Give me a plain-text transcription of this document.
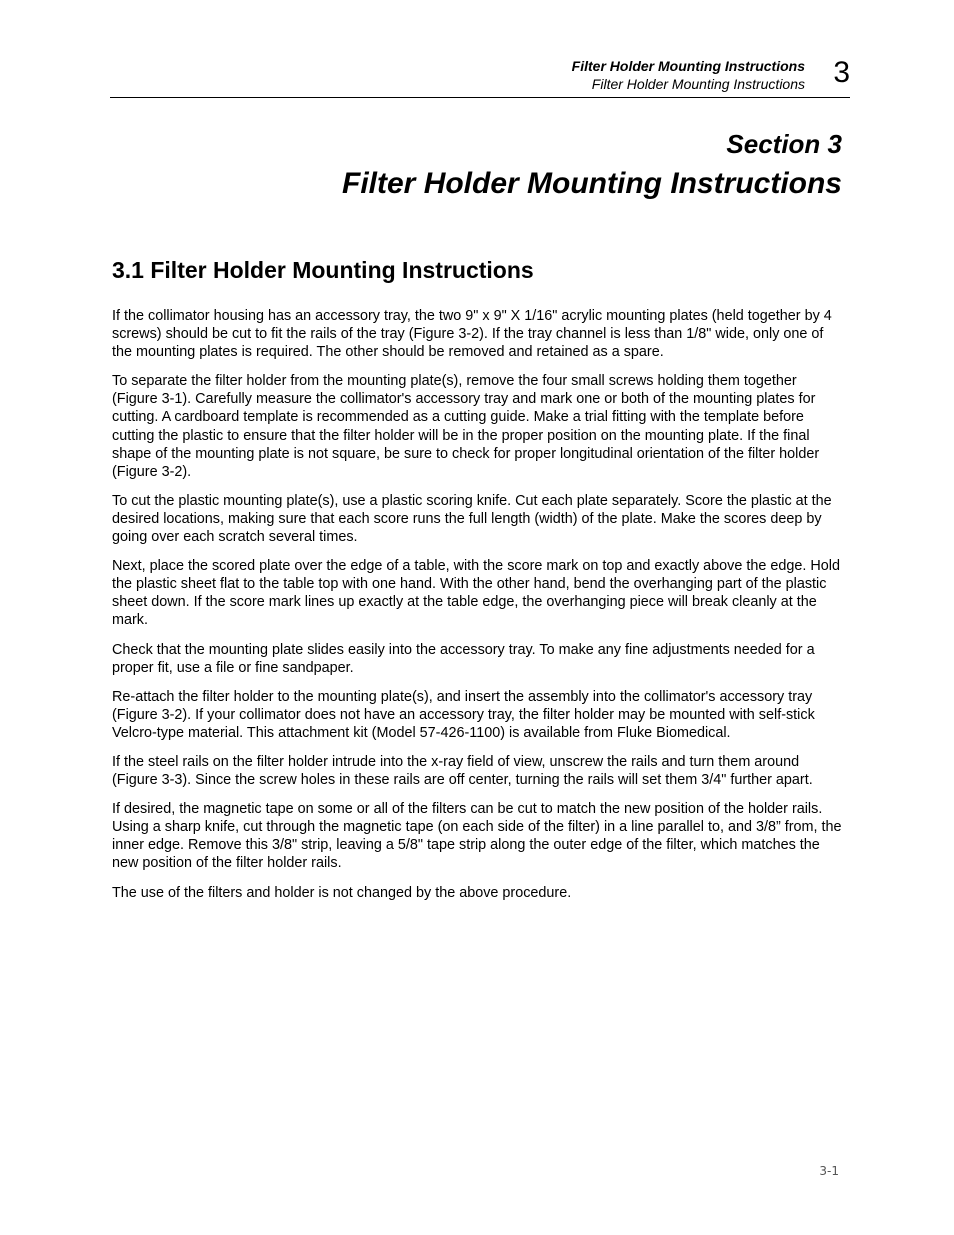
Filter Holder Mounting Instructions
Filter Holder Mounting Instructions 3
Section 3
Filter Holder Mounting Instructions
3.1 Filter Holder Mounting Instructions

If the collimator housing has an accessory tray, the two 9" x 9" X 1/16" acrylic mounting plates (held together by 4 screws) should be cut to fit the rails of the tray (Figure 3-2). If the tray channel is less than 1/8" wide, only one of the mounting plates is required. The other should be removed and retained as a spare.

To separate the filter holder from the mounting plate(s), remove the four small screws holding them together (Figure 3-1). Carefully measure the collimator's accessory tray and mark one or both of the mounting plates for cutting. A cardboard template is recommended as a cutting guide. Make a trial fitting with the template before cutting the plastic to ensure that the filter holder will be in the proper position on the mounting plate. If the final shape of the mounting plate is not square, be sure to check for proper longitudinal orientation of the filter holder (Figure 3-2).

To cut the plastic mounting plate(s), use a plastic scoring knife. Cut each plate separately. Score the plastic at the desired locations, making sure that each score runs the full length (width) of the plate. Make the scores deep by going over each scratch several times.

Next, place the scored plate over the edge of a table, with the score mark on top and exactly above the edge. Hold the plastic sheet flat to the table top with one hand. With the other hand, bend the overhanging part of the plastic sheet down. If the score mark lines up exactly at the table edge, the overhanging piece will break cleanly at the mark.

Check that the mounting plate slides easily into the accessory tray. To make any fine adjustments needed for a proper fit, use a file or fine sandpaper.

Re-attach the filter holder to the mounting plate(s), and insert the assembly into the collimator's accessory tray (Figure 3-2). If your collimator does not have an accessory tray, the filter holder may be mounted with self-stick Velcro-type material. This attachment kit (Model 57-426-1100) is available from Fluke Biomedical.

If the steel rails on the filter holder intrude into the x-ray field of view, unscrew the rails and turn them around (Figure 3-3). Since the screw holes in these rails are off center, turning the rails will set them 3/4" further apart.

If desired, the magnetic tape on some or all of the filters can be cut to match the new position of the holder rails. Using a sharp knife, cut through the magnetic tape (on each side of the filter) in a line parallel to, and 3/8” from, the inner edge. Remove this 3/8" strip, leaving a 5/8" tape strip along the outer edge of the filter, which matches the new position of the filter holder rails.

The use of the filters and holder is not changed by the above procedure.

3-1
